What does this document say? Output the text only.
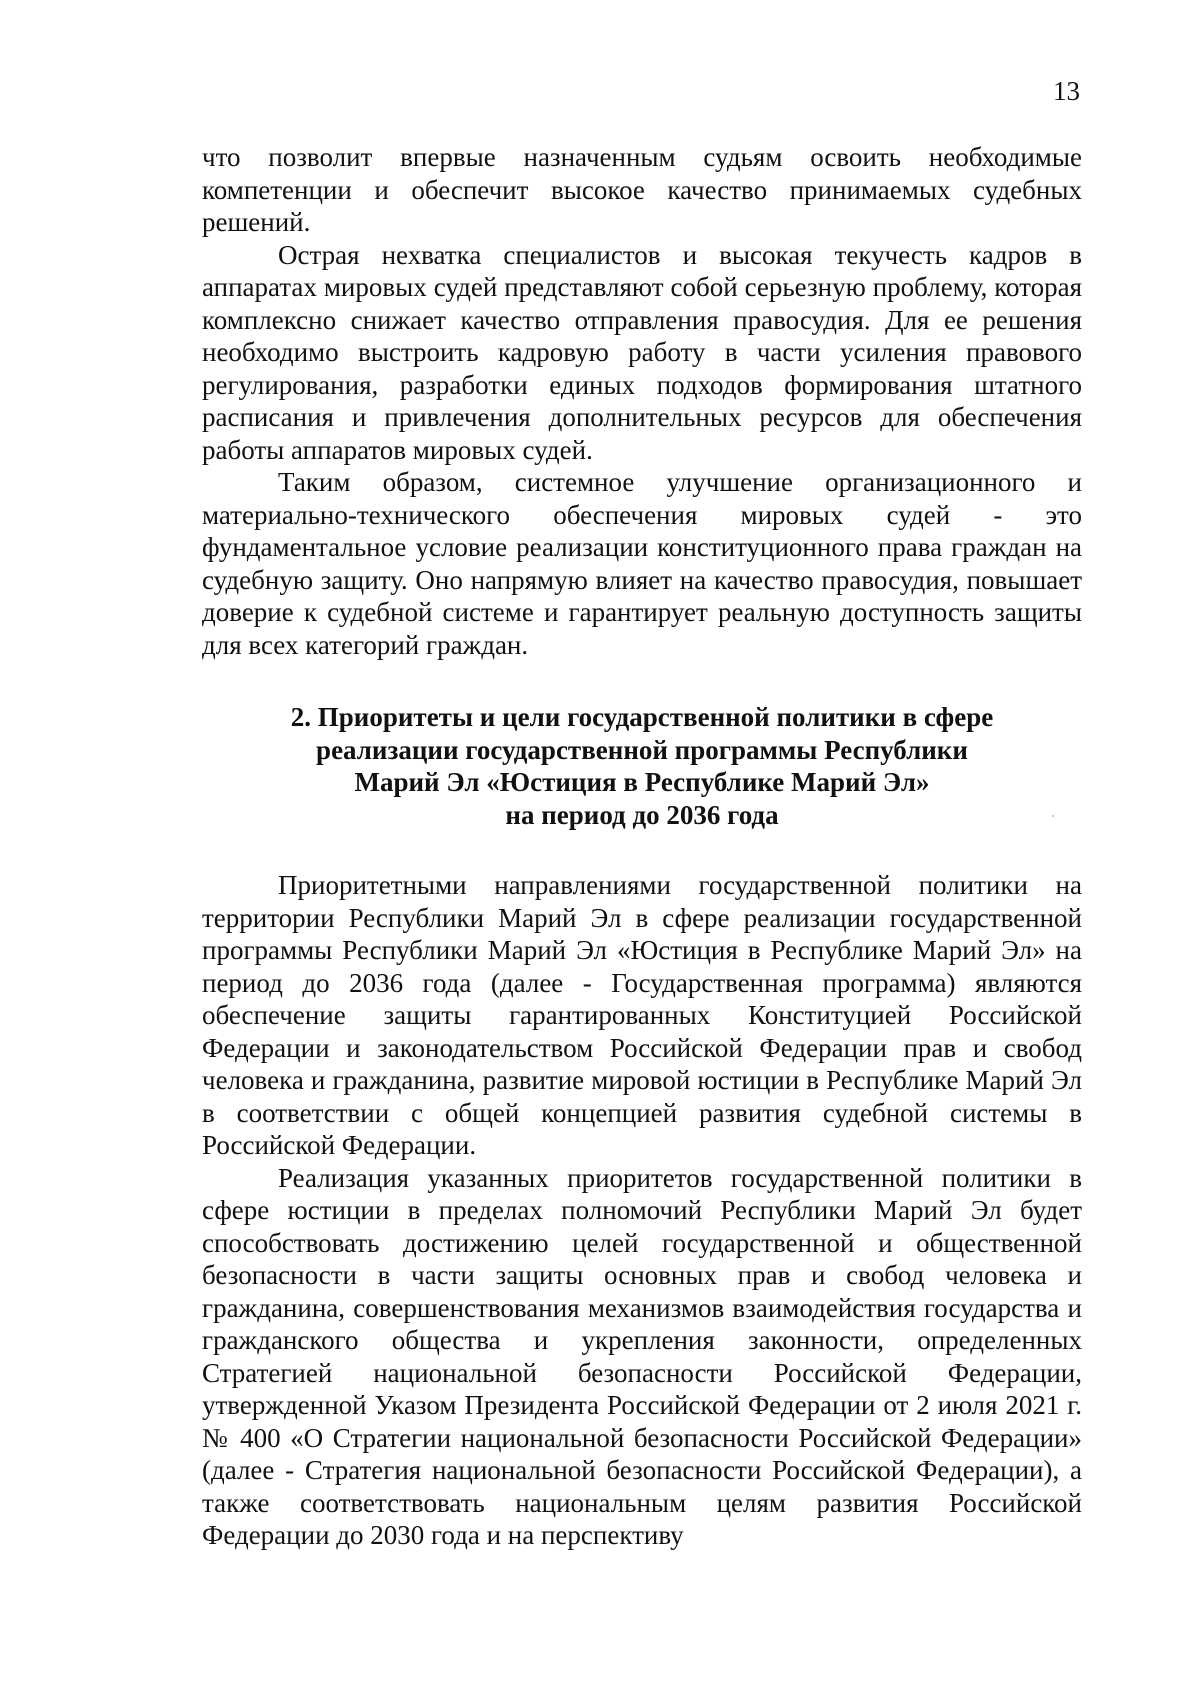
13

что позволит впервые назначенным судьям освоить необходимые компетенции и обеспечит высокое качество принимаемых судебных решений.

Острая нехватка специалистов и высокая текучесть кадров в аппаратах мировых судей представляют собой серьезную проблему, которая комплексно снижает качество отправления правосудия. Для ее решения необходимо выстроить кадровую работу в части усиления правового регулирования, разработки единых подходов формирования штатного расписания и привлечения дополнительных ресурсов для обеспечения работы аппаратов мировых судей.

Таким образом, системное улучшение организационного и материально-технического обеспечения мировых судей - это фундаментальное условие реализации конституционного права граждан на судебную защиту. Оно напрямую влияет на качество правосудия, повышает доверие к судебной системе и гарантирует реальную доступность защиты для всех категорий граждан.

2. Приоритеты и цели государственной политики в сфере
реализации государственной программы Республики
Марий Эл «Юстиция в Республике Марий Эл»
на период до 2036 года

Приоритетными направлениями государственной политики на территории Республики Марий Эл в сфере реализации государственной программы Республики Марий Эл «Юстиция в Республике Марий Эл» на период до 2036 года (далее - Государственная программа) являются обеспечение защиты гарантированных Конституцией Российской Федерации и законодательством Российской Федерации прав и свобод человека и гражданина, развитие мировой юстиции в Республике Марий Эл в соответствии с общей концепцией развития судебной системы в Российской Федерации.

Реализация указанных приоритетов государственной политики в сфере юстиции в пределах полномочий Республики Марий Эл будет способствовать достижению целей государственной и общественной безопасности в части защиты основных прав и свобод человека и гражданина, совершенствования механизмов взаимодействия государства и гражданского общества и укрепления законности, определенных Стратегией национальной безопасности Российской Федерации, утвержденной Указом Президента Российской Федерации от 2 июля 2021 г. № 400 «О Стратегии национальной безопасности Российской Федерации» (далее - Стратегия национальной безопасности Российской Федерации), а также соответствовать национальным целям развития Российской Федерации до 2030 года и на перспективу
